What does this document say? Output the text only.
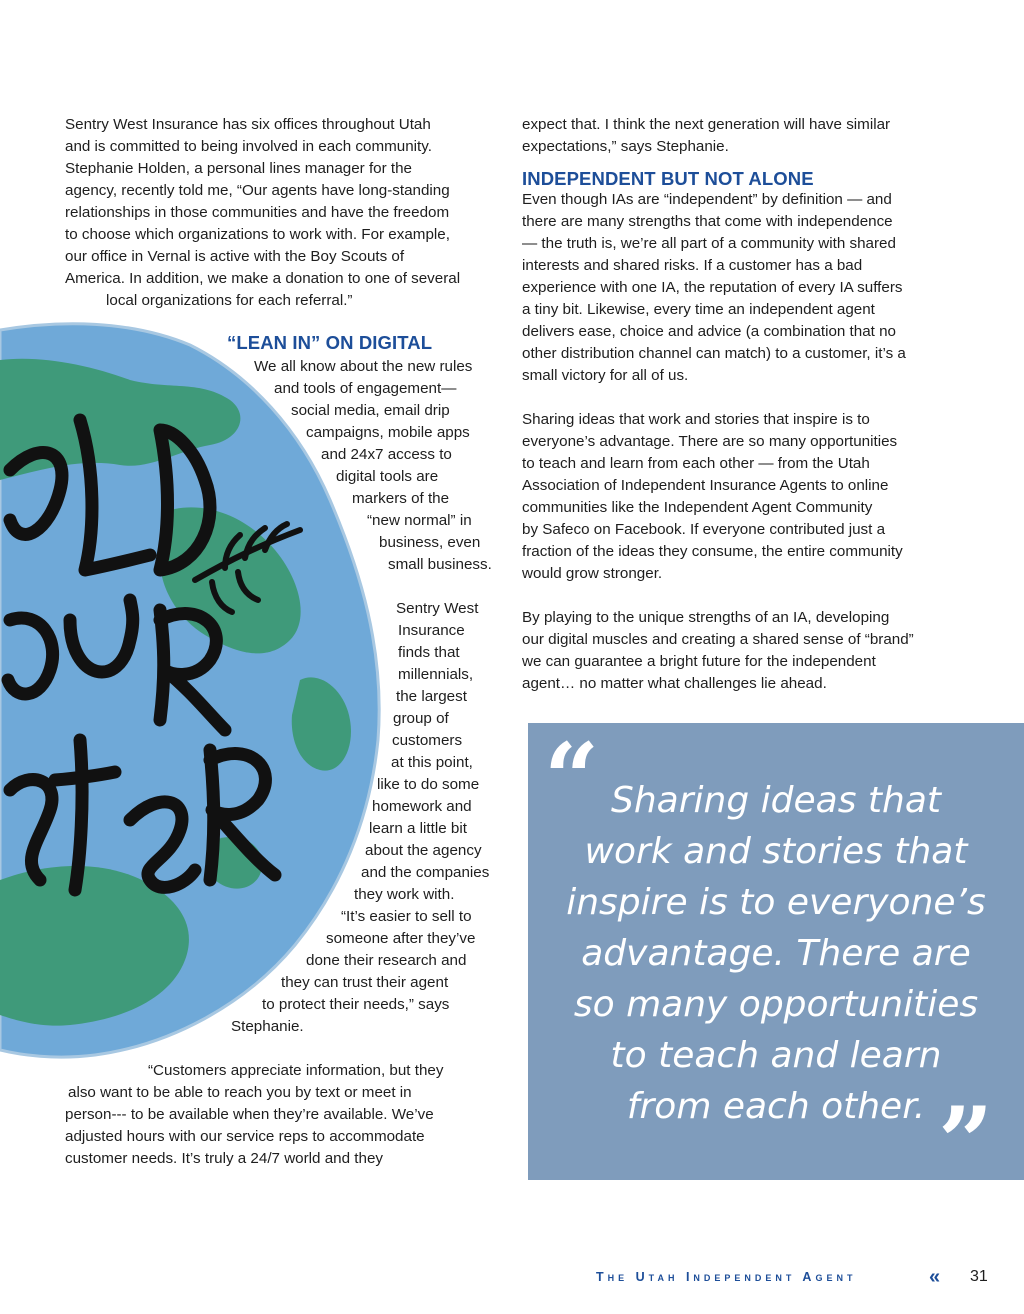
Sentry West Insurance has six offices throughout Utah
and is committed to being involved in each community.
Stephanie Holden, a personal lines manager for the
agency, recently told me, “Our agents have long-standing
relationships in those communities and have the freedom
to choose which organizations to work with. For example,
our office in Vernal is active with the Boy Scouts of
America. In addition, we make a donation to one of several
local organizations for each referral.”
“LEAN IN” ON DIGITAL
We all know about the new rules
and tools of engagement—
social media, email drip
campaigns, mobile apps
and 24x7 access to
digital tools are
markers of the
“new normal” in
business, even
small business.
Sentry West
Insurance
finds that
millennials,
the largest
group of
customers
at this point,
like to do some
homework and
learn a little bit
about the agency
and the companies
they work with.
“It’s easier to sell to
someone after they’ve
done their research and
they can trust their agent
to protect their needs,” says
Stephanie.
“Customers appreciate information, but they
also want to be able to reach you by text or meet in
person--- to be available when they’re available. We’ve
adjusted hours with our service reps to accommodate
customer needs. It’s truly a 24/7 world and they
expect that. I think the next generation will have similar
expectations,” says Stephanie.
INDEPENDENT BUT NOT ALONE
Even though IAs are “independent” by definition — and
there are many strengths that come with independence
— the truth is, we’re all part of a community with shared
interests and shared risks. If a customer has a bad
experience with one IA, the reputation of every IA suffers
a tiny bit. Likewise, every time an independent agent
delivers ease, choice and advice (a combination that no
other distribution channel can match) to a customer, it’s a
small victory for all of us.
Sharing ideas that work and stories that inspire is to
everyone’s advantage. There are so many opportunities
to teach and learn from each other — from the Utah
Association of Independent Insurance Agents to online
communities like the Independent Agent Community
by Safeco on Facebook. If everyone contributed just a
fraction of the ideas they consume, the entire community
would grow stronger.
By playing to the unique strengths of an IA, developing
our digital muscles and creating a shared sense of “brand”
we can guarantee a bright future for the independent
agent… no matter what challenges lie ahead.
“ Sharing ideas that
work and stories that
inspire is to everyone’s
advantage. There are
so many opportunities
to teach and learn
from each other. ”
The Utah Independent Agent	« 31
